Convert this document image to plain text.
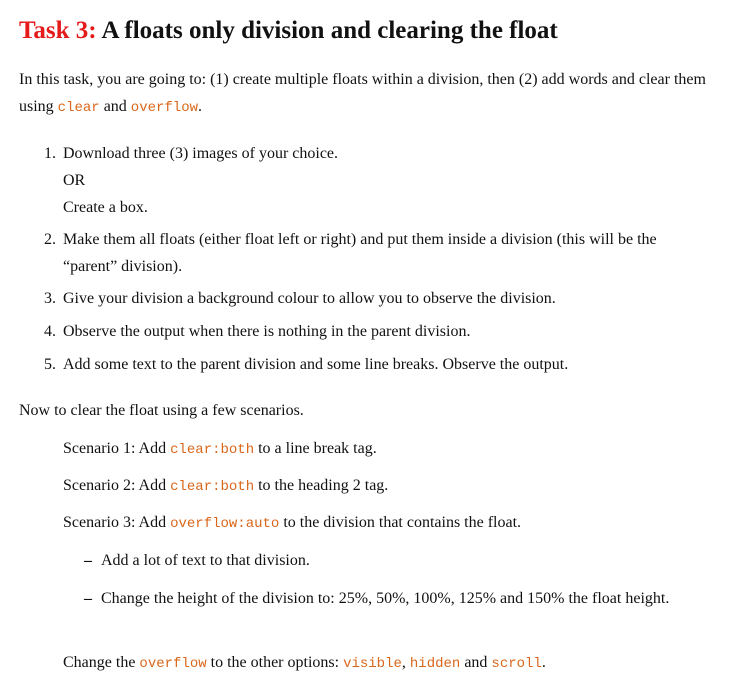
Task 3: A floats only division and clearing the float

In this task, you are going to: (1) create multiple floats within a division, then (2) add words and clear them using clear and overflow.

1. Download three (3) images of your choice.
OR
Create a box.
2. Make them all floats (either float left or right) and put them inside a division (this will be the “parent” division).
3. Give your division a background colour to allow you to observe the division.
4. Observe the output when there is nothing in the parent division.
5. Add some text to the parent division and some line breaks. Observe the output.

Now to clear the float using a few scenarios.

Scenario 1: Add clear:both to a line break tag.

Scenario 2: Add clear:both to the heading 2 tag.

Scenario 3: Add overflow:auto to the division that contains the float.

– Add a lot of text to that division.

– Change the height of the division to: 25%, 50%, 100%, 125% and 150% the float height.

Change the overflow to the other options: visible, hidden and scroll.
